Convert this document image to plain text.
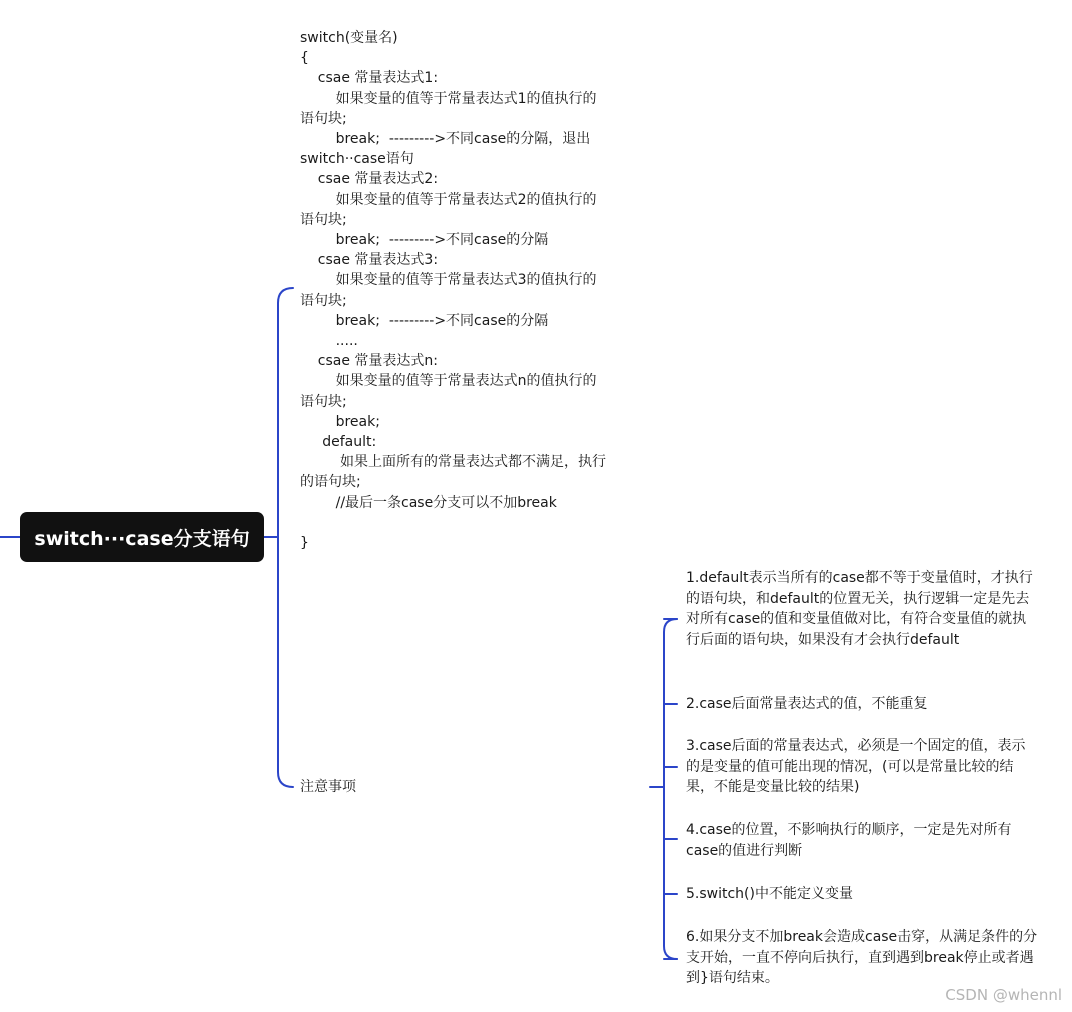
switch···case分支语句
switch(变量名)
{
csae 常量表达式1:
如果变量的值等于常量表达式1的值执行的
语句块;
break;  --------->不同case的分隔，退出
switch··case语句
csae 常量表达式2:
如果变量的值等于常量表达式2的值执行的
语句块;
break;  --------->不同case的分隔
csae 常量表达式3:
如果变量的值等于常量表达式3的值执行的
语句块;
break;  --------->不同case的分隔
.....
csae 常量表达式n:
如果变量的值等于常量表达式n的值执行的
语句块;
break;
default:
如果上面所有的常量表达式都不满足，执行
的语句块;
//最后一条case分支可以不加break

}
注意事项
1.default表示当所有的case都不等于变量值时，才执行的语句块，和default的位置无关，执行逻辑一定是先去对所有case的值和变量值做对比，有符合变量值的就执行后面的语句块，如果没有才会执行default
2.case后面常量表达式的值，不能重复
3.case后面的常量表达式，必须是一个固定的值，表示的是变量的值可能出现的情况，(可以是常量比较的结果，不能是变量比较的结果)
4.case的位置，不影响执行的顺序，一定是先对所有case的值进行判断
5.switch()中不能定义变量
6.如果分支不加break会造成case击穿，从满足条件的分支开始，一直不停向后执行，直到遇到break停止或者遇到}语句结束。
CSDN @whennl
